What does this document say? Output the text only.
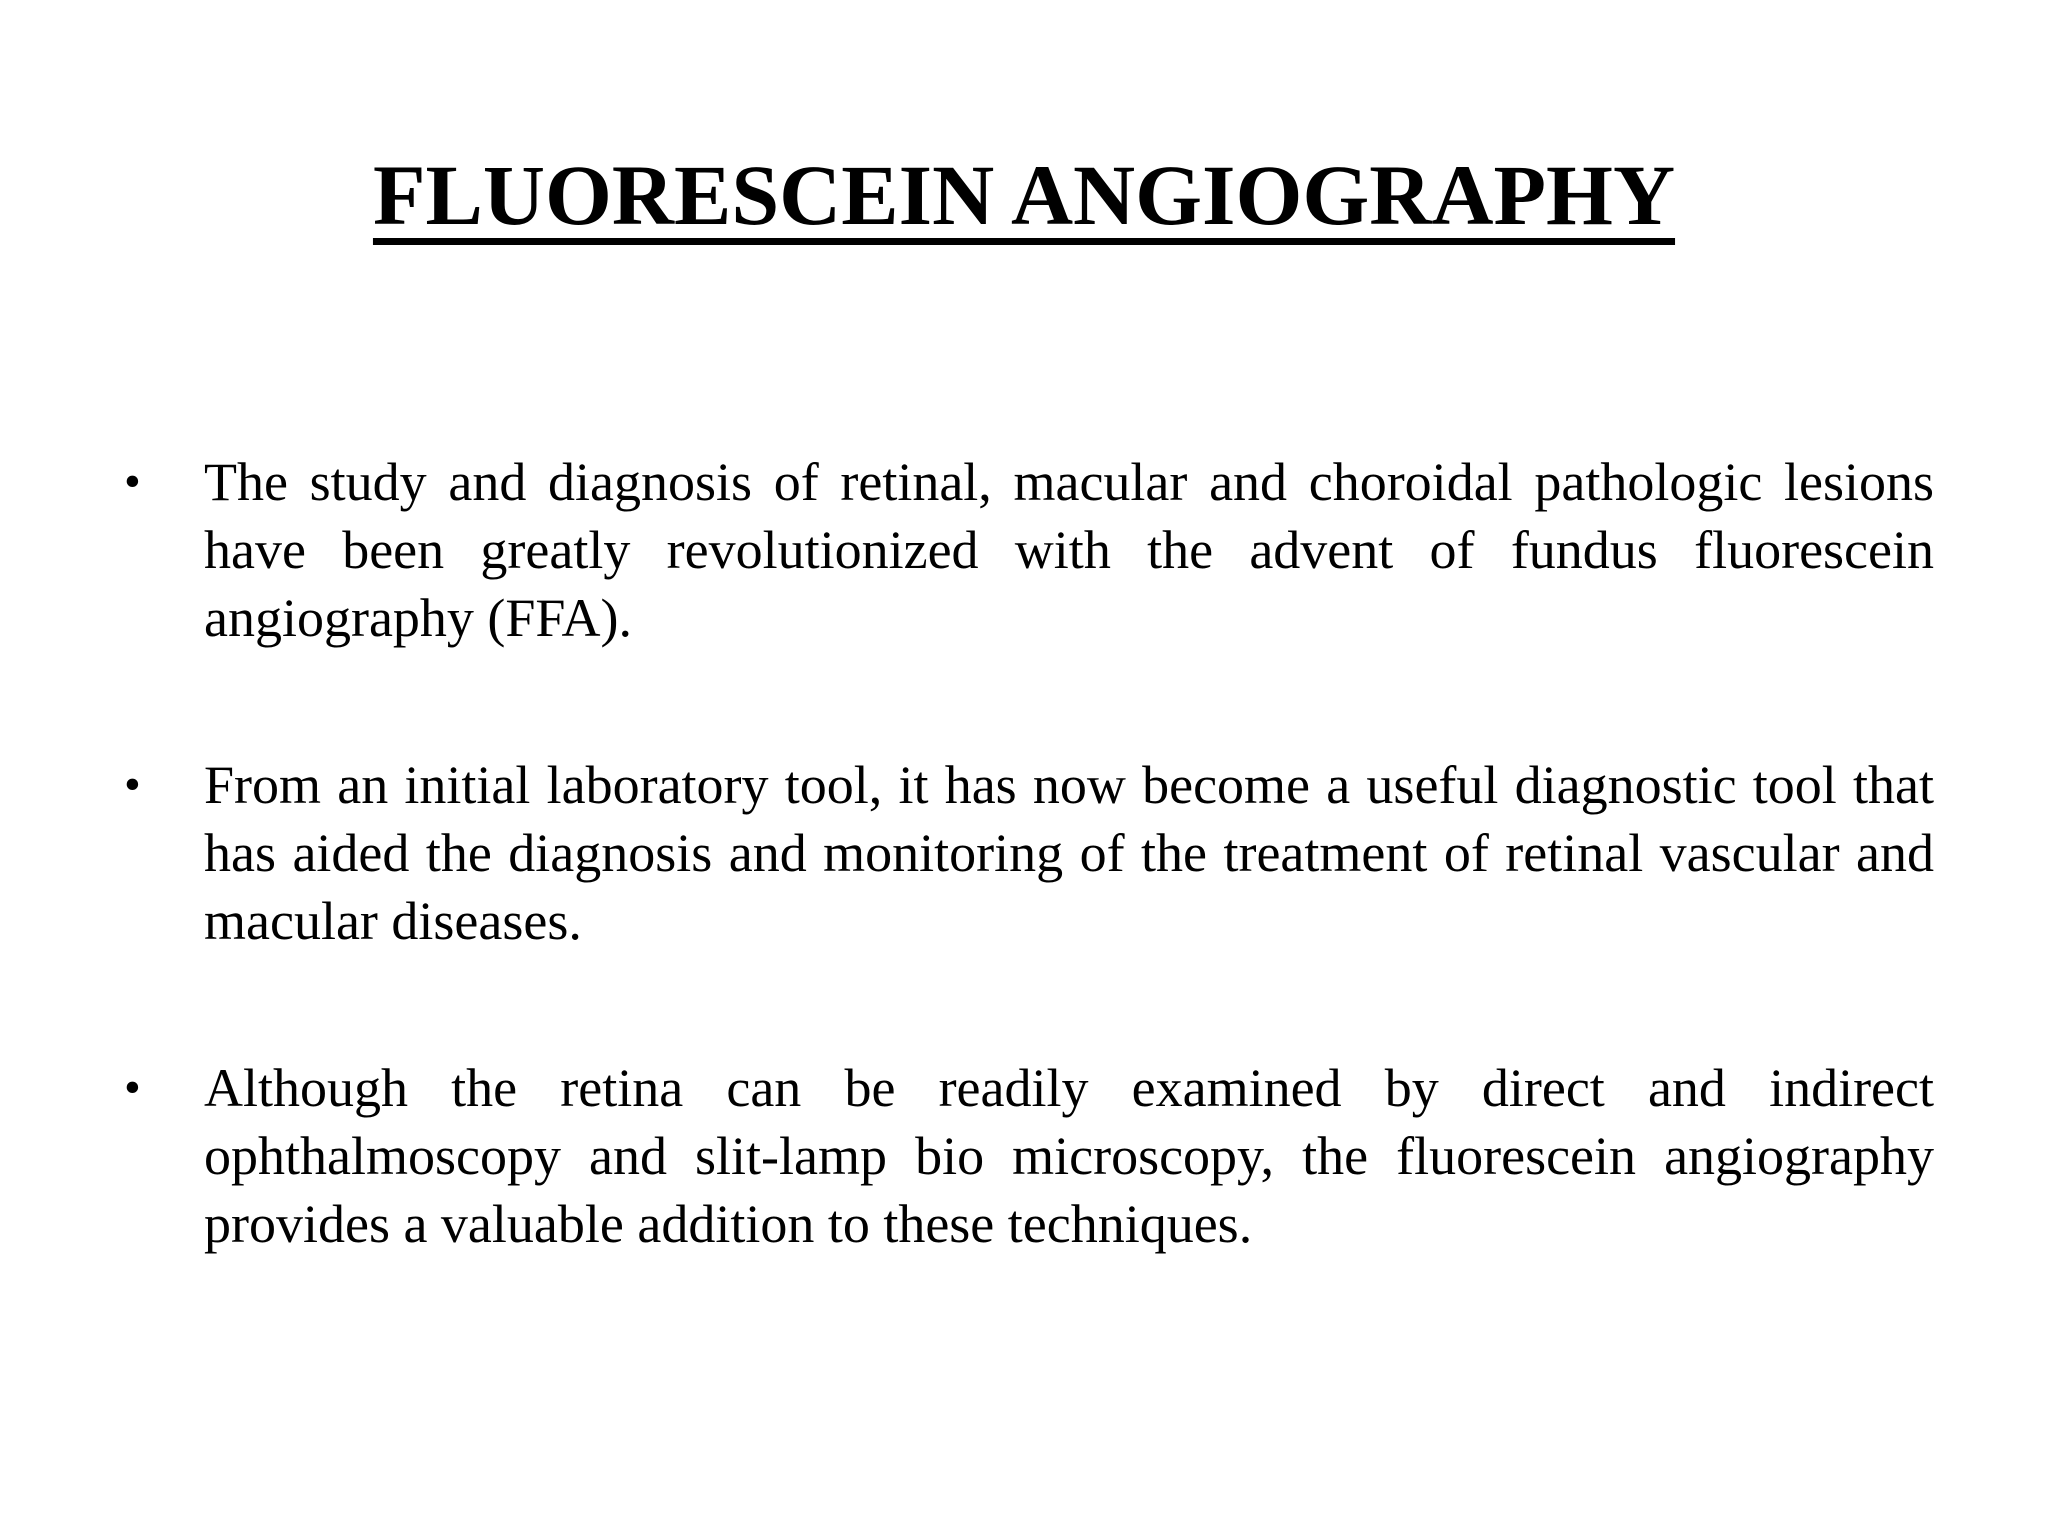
FLUORESCEIN ANGIOGRAPHY
• The study and diagnosis of retinal, macular and choroidal pathologic lesions have been greatly revolutionized with the advent of fundus fluorescein angiography (FFA).

• From an initial laboratory tool, it has now become a useful diagnostic tool that has aided the diagnosis and monitoring of the treatment of retinal vascular and macular diseases.

• Although the retina can be readily examined by direct and indirect ophthalmoscopy and slit-lamp bio microscopy, the fluorescein angiography provides a valuable addition to these techniques.
